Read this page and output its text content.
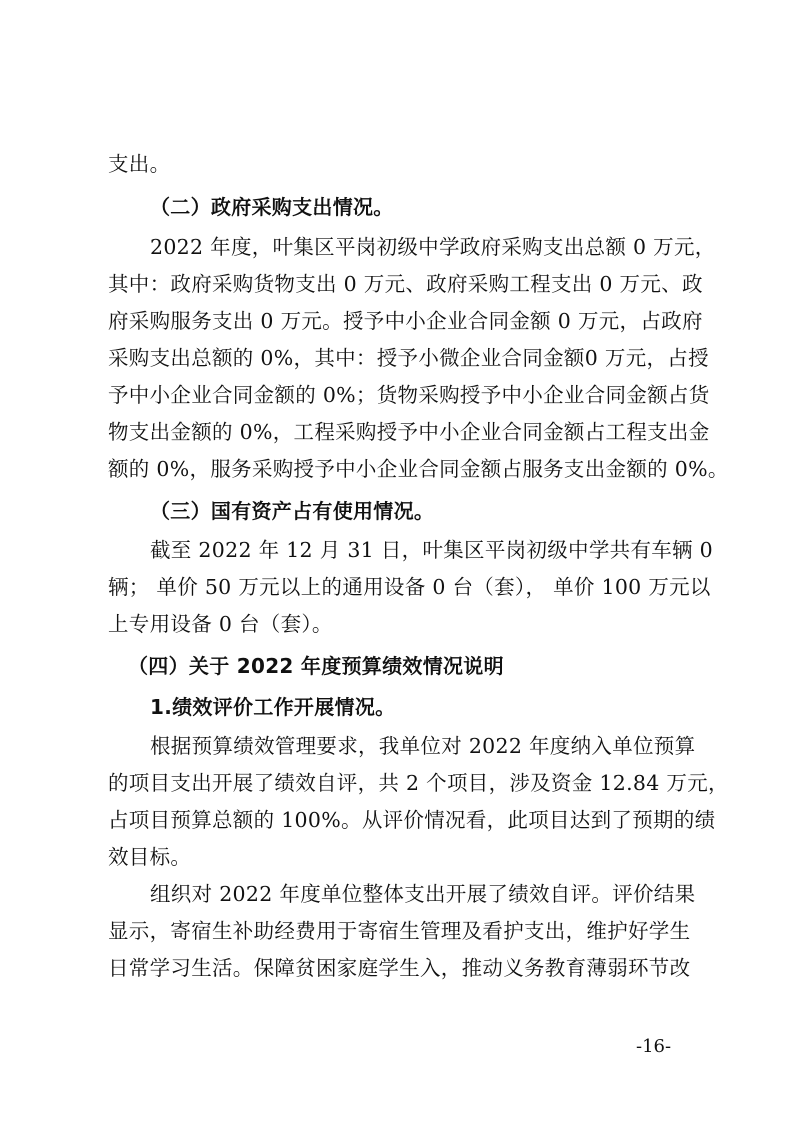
支出。
（二）政府采购支出情况。
2022 年度，叶集区平岗初级中学政府采购支出总额 0 万元，
其中：政府采购货物支出 0 万元、政府采购工程支出 0 万元、政
府采购服务支出 0 万元。授予中小企业合同金额 0 万元，占政府
采购支出总额的 0%，其中：授予小微企业合同金额0 万元，占授
予中小企业合同金额的 0%；货物采购授予中小企业合同金额占货
物支出金额的 0%，工程采购授予中小企业合同金额占工程支出金
额的 0%，服务采购授予中小企业合同金额占服务支出金额的 0%。
（三）国有资产占有使用情况。
截至 2022 年 12 月 31 日，叶集区平岗初级中学共有车辆 0
辆； 单价 50 万元以上的通用设备 0 台（套）， 单价 100 万元以
上专用设备 0 台（套）。
（四）关于 2022 年度预算绩效情况说明
1.绩效评价工作开展情况。
根据预算绩效管理要求，我单位对 2022 年度纳入单位预算
的项目支出开展了绩效自评，共 2 个项目，涉及资金 12.84 万元，
占项目预算总额的 100%。从评价情况看，此项目达到了预期的绩
效目标。
组织对 2022 年度单位整体支出开展了绩效自评。评价结果
显示，寄宿生补助经费用于寄宿生管理及看护支出，维护好学生
日常学习生活。保障贫困家庭学生入，推动义务教育薄弱环节改
-16-
